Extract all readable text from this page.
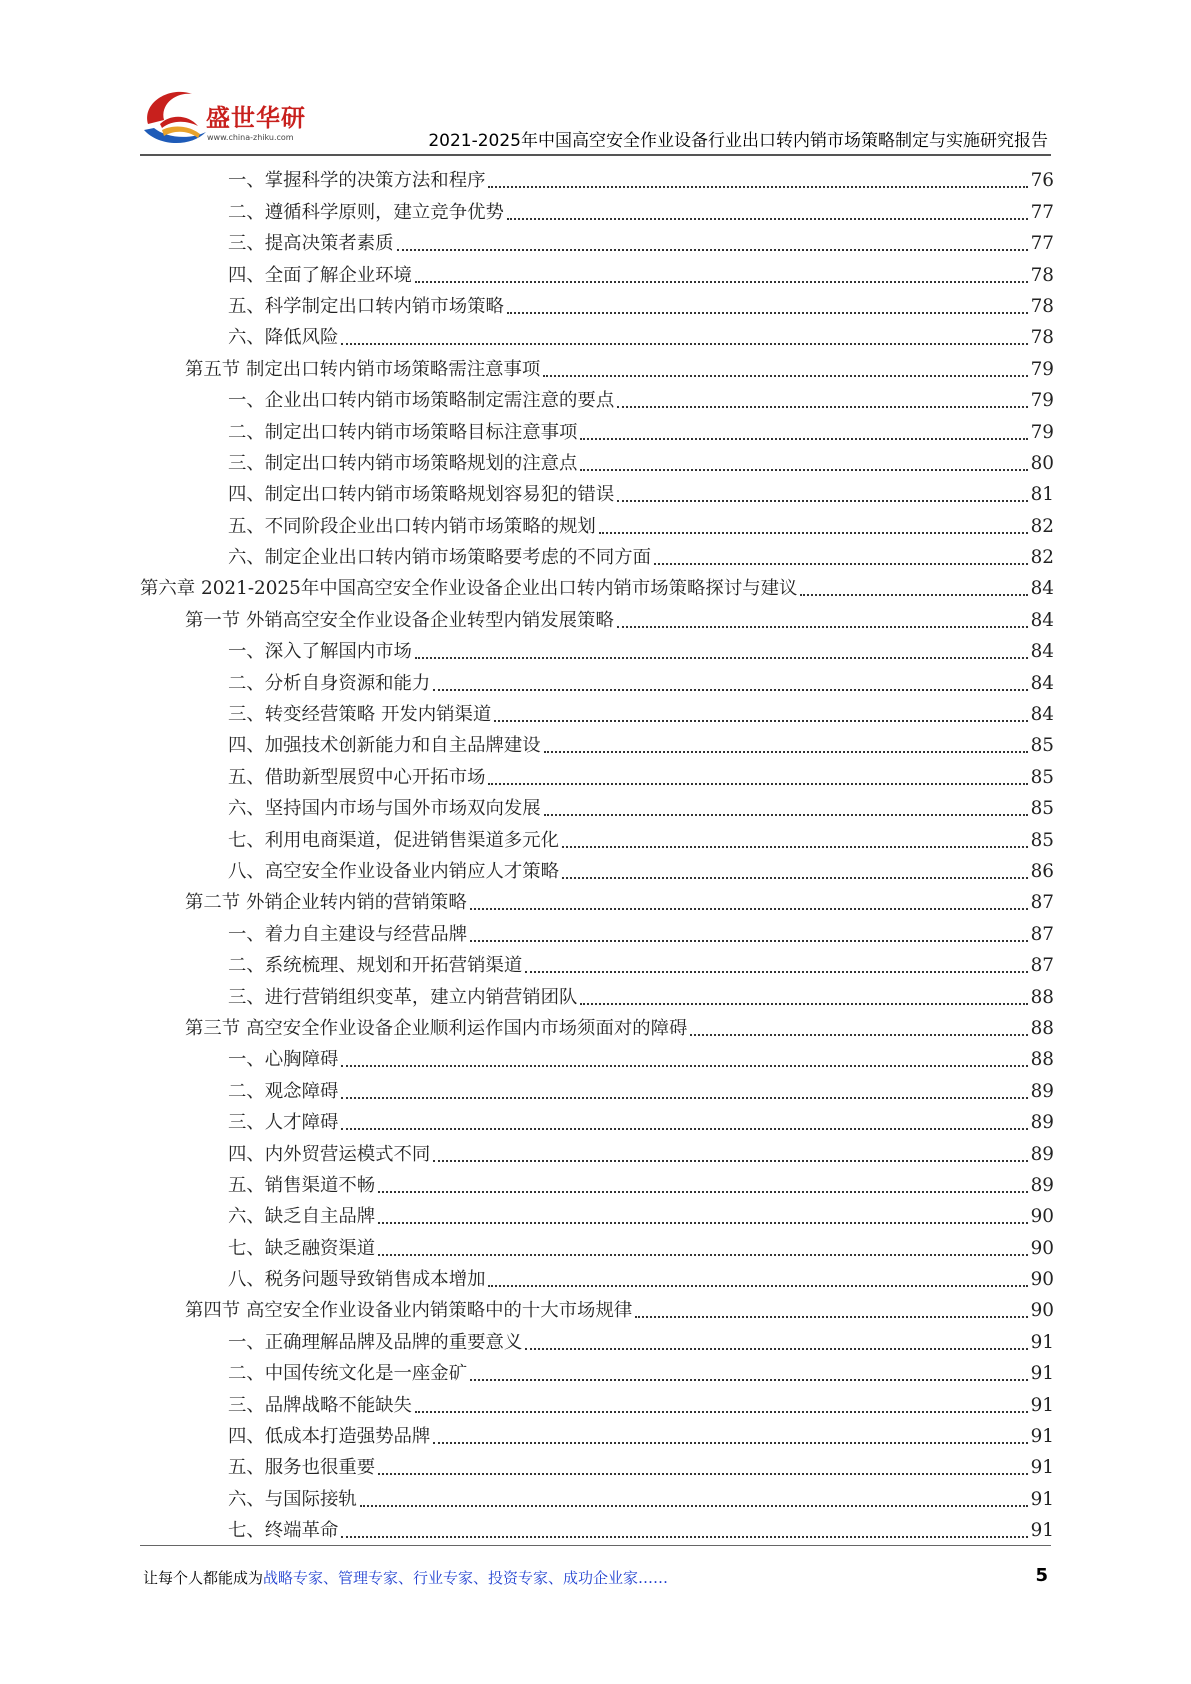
盛世华研
www.china-zhiku.com	2021-2025年中国高空安全作业设备行业出口转内销市场策略制定与实施研究报告
一、掌握科学的决策方法和程序	76
二、遵循科学原则，建立竞争优势	77
三、提高决策者素质	77
四、全面了解企业环境	78
五、科学制定出口转内销市场策略	78
六、降低风险	78
第五节 制定出口转内销市场策略需注意事项	79
一、企业出口转内销市场策略制定需注意的要点	79
二、制定出口转内销市场策略目标注意事项	79
三、制定出口转内销市场策略规划的注意点	80
四、制定出口转内销市场策略规划容易犯的错误	81
五、不同阶段企业出口转内销市场策略的规划	82
六、制定企业出口转内销市场策略要考虑的不同方面	82
第六章 2021-2025年中国高空安全作业设备企业出口转内销市场策略探讨与建议	84
第一节 外销高空安全作业设备企业转型内销发展策略	84
一、深入了解国内市场	84
二、分析自身资源和能力	84
三、转变经营策略 开发内销渠道	84
四、加强技术创新能力和自主品牌建设	85
五、借助新型展贸中心开拓市场	85
六、坚持国内市场与国外市场双向发展	85
七、利用电商渠道，促进销售渠道多元化	85
八、高空安全作业设备业内销应人才策略	86
第二节 外销企业转内销的营销策略	87
一、着力自主建设与经营品牌	87
二、系统梳理、规划和开拓营销渠道	87
三、进行营销组织变革，建立内销营销团队	88
第三节 高空安全作业设备企业顺利运作国内市场须面对的障碍	88
一、心胸障碍	88
二、观念障碍	89
三、人才障碍	89
四、内外贸营运模式不同	89
五、销售渠道不畅	89
六、缺乏自主品牌	90
七、缺乏融资渠道	90
八、税务问题导致销售成本增加	90
第四节 高空安全作业设备业内销策略中的十大市场规律	90
一、正确理解品牌及品牌的重要意义	91
二、中国传统文化是一座金矿	91
三、品牌战略不能缺失	91
四、低成本打造强势品牌	91
五、服务也很重要	91
六、与国际接轨	91
七、终端革命	91
让每个人都能成为战略专家、管理专家、行业专家、投资专家、成功企业家……	5
